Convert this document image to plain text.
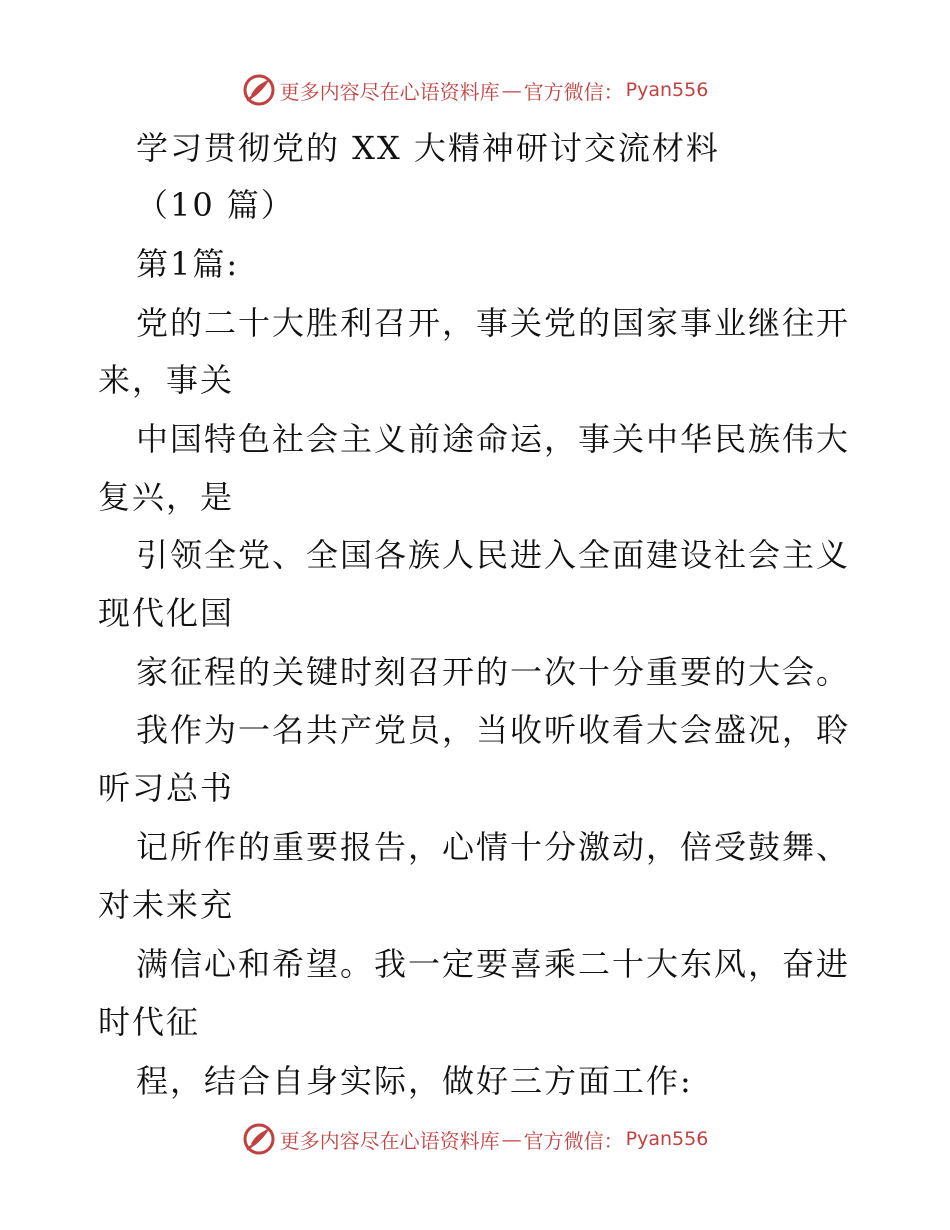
更多内容尽在心语资料库 — 官方微信： Pyan556
学习贯彻党的 XX 大精神研讨交流材料
（10 篇）
第1篇:
党的二十大胜利召开，事关党的国家事业继往开
来，事关
中国特色社会主义前途命运，事关中华民族伟大
复兴，是
引领全党、全国各族人民进入全面建设社会主义
现代化国
家征程的关键时刻召开的一次十分重要的大会。
我作为一名共产党员，当收听收看大会盛况，聆
听习总书
记所作的重要报告，心情十分激动，倍受鼓舞、
对未来充
满信心和希望。我一定要喜乘二十大东风，奋进
时代征
程，结合自身实际，做好三方面工作:
更多内容尽在心语资料库 — 官方微信： Pyan556
